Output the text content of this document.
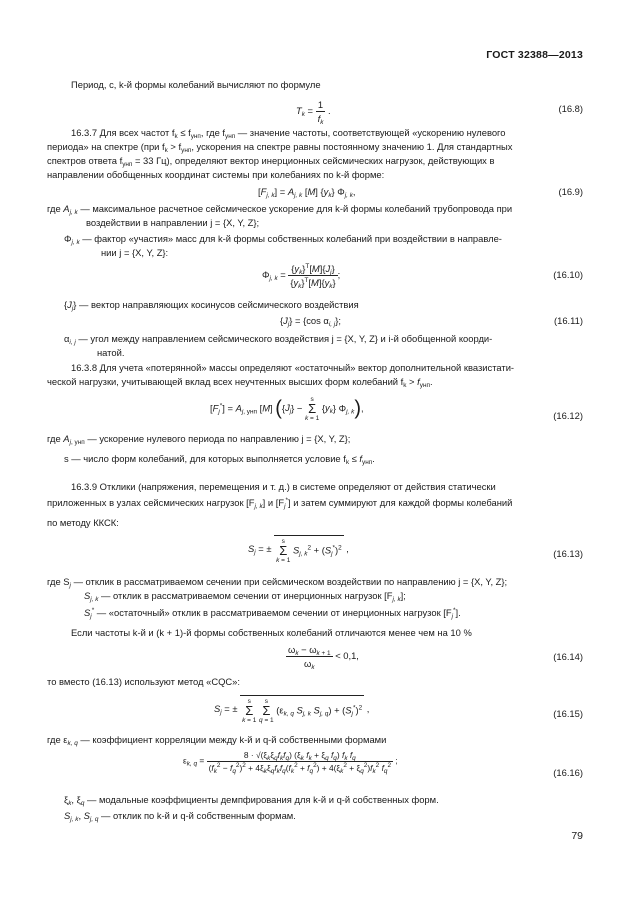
ГОСТ 32388—2013
Период, с, k-й формы колебаний вычисляют по формуле
$T_k = \frac{1}{f_k}$ .	(16.8)
16.3.7 Для всех частот $f_k \le f_{унп}$, где $f_{унп}$ — значение частоты, соответствующей «ускорению нулевого
периода» на спектре (при $f_k > f_{унп}$, ускорения на спектре равны постоянному значению 1. Для стандартных
спектров ответа $f_{унп} = 33$ Гц), определяют вектор инерционных сейсмических нагрузок, действующих в
направлении обобщенных координат системы при колебаниях по k-й форме:
$[F_{j, k}] = A_{j, k}$ [M] $\{y_k\}$ $\Phi_{j, k}$,	(16.9)
где $A_{j, k}$ — максимальное расчетное сейсмическое ускорение для k-й формы колебаний трубопровода при
воздействии в направлении j = {X, Y, Z};
$\Phi_{j, k}$ — фактор «участия» масс для k-й формы собственных колебаний при воздействии в направле-
нии j = {X, Y, Z}:
$\Phi_{j, k} = \frac{\{y_k\}^T[M]\{J_j\}}{\{y_k\}^T[M]\{y_k\}}$ ;	(16.10)
$\{J_j\}$ — вектор направляющих косинусов сейсмического воздействия
$\{J_j\} = \{\cos$ $\alpha_{i, j}$};	(16.11)
$\alpha_{i, j}$ — угол между направлением сейсмического воздействия j = {X, Y, Z} и i-й обобщенной коорди-
натой.
16.3.8 Для учета «потерянной» массы определяют «остаточный» вектор дополнительной квазистати-
ческой нагрузки, учитывающей вклад всех неучтенных высших форм колебаний $f_k > f_{унп}$.
$[F_j^*] = A_{j, унп}$ [M] ($\{J_j\} - s$
Σ
k = 1 $\{y_k\}$ $\Phi_{j, k}$),
(16.12)
где $A_{j, унп}$ — ускорение нулевого периода по направлению j = {X, Y, Z};
s — число форм колебаний, для которых выполняется условие $f_k \le f_{унп}$.
16.3.9 Отклики (напряжения, перемещения и т. д.) в системе определяют от действия статически
приложенных в узлах сейсмических нагрузок $[F_{j, k}]$ и $[F_j^*]$ и затем суммируют для каждой формы колебаний
по методу ККСК:
$S_j$ = ± s
Σ
k = 1 $S_{j, k}^2 + (S_j^*)^2$ ,	(16.13)
где $S_j$ — отклик в рассматриваемом сечении при сейсмическом воздействии по направлению j = {X, Y, Z};
$S_{j, k}$ — отклик в рассматриваемом сечении от инерционных нагрузок $[F_{j, k}]$;
$S_j^*$ — «остаточный» отклик в рассматриваемом сечении от инерционных нагрузок $[F_j^*]$.
Если частоты k-й и (k + 1)-й формы собственных колебаний отличаются менее чем на 10 %
$\frac{\omega_k - \omega_{k + 1}}{\omega_k} < 0,1$,	(16.14)
то вместо (16.13) используют метод «CQC»:
$S_j$ = ± s
Σ
k = 1 s
Σ
q = 1 ($\varepsilon_{k, q}$ $S_{j, k}$ $S_{j, q}) + (S_j^*)^2$ ,	(16.15)
где $\varepsilon_{k, q}$ — коэффициент корреляции между k-й и q-й собственными формами
$\varepsilon_{k, q} = \frac{8 \cdot √(\xi_k\xi_qf_kf_q) (\xi_k f_k + \xi_q f_q) f_k f_q}{(f_k^2 - f_q^2)^2 + 4\xi_k\xi_qf_kf_q(f_k^2 + f_q^2) + 4(\xi_k^2 + \xi_q^2)f_k^2 f_q^2}$ ;
(16.16)
$\xi_k$, $\xi_q$ — модальные коэффициенты демпфирования для k-й и q-й собственных форм.
$S_{j, k}$, $S_{j, q}$ — отклик по k-й и q-й собственным формам.
79
